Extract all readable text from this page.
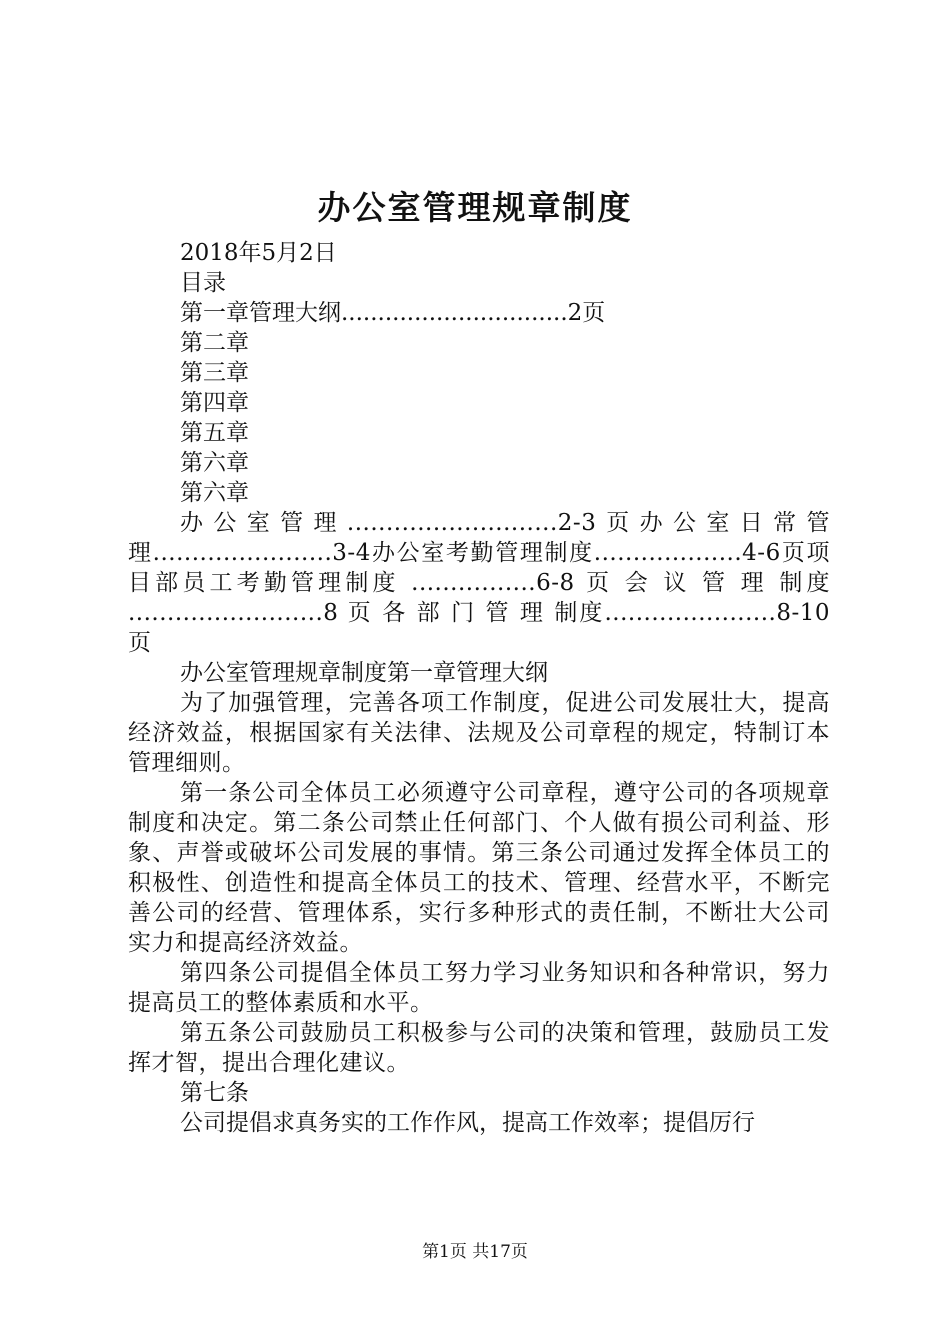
办公室管理规章制度
2018年5月2日
目录
第一章管理大纲...............................2页
第二章
第三章
第四章
第五章
第六章
第六章
办公室管理...........................2-3页办公室日常管理.......................3-4办公室考勤管理制度...................4-6页项目部员工考勤管理制度 ................6-8 页 会 议 管 理 制度 .........................8 页 各 部 门 管 理 制度......................8-10页
办公室管理规章制度第一章管理大纲
为了加强管理，完善各项工作制度，促进公司发展壮大，提高经济效益，根据国家有关法律、法规及公司章程的规定，特制订本管理细则。
第一条公司全体员工必须遵守公司章程，遵守公司的各项规章制度和决定。第二条公司禁止任何部门、个人做有损公司利益、形象、声誉或破坏公司发展的事情。第三条公司通过发挥全体员工的积极性、创造性和提高全体员工的技术、管理、经营水平，不断完善公司的经营、管理体系，实行多种形式的责任制，不断壮大公司实力和提高经济效益。
第四条公司提倡全体员工努力学习业务知识和各种常识，努力提高员工的整体素质和水平。
第五条公司鼓励员工积极参与公司的决策和管理，鼓励员工发挥才智，提出合理化建议。
第七条
公司提倡求真务实的工作作风，提高工作效率；提倡厉行
第1页 共17页
